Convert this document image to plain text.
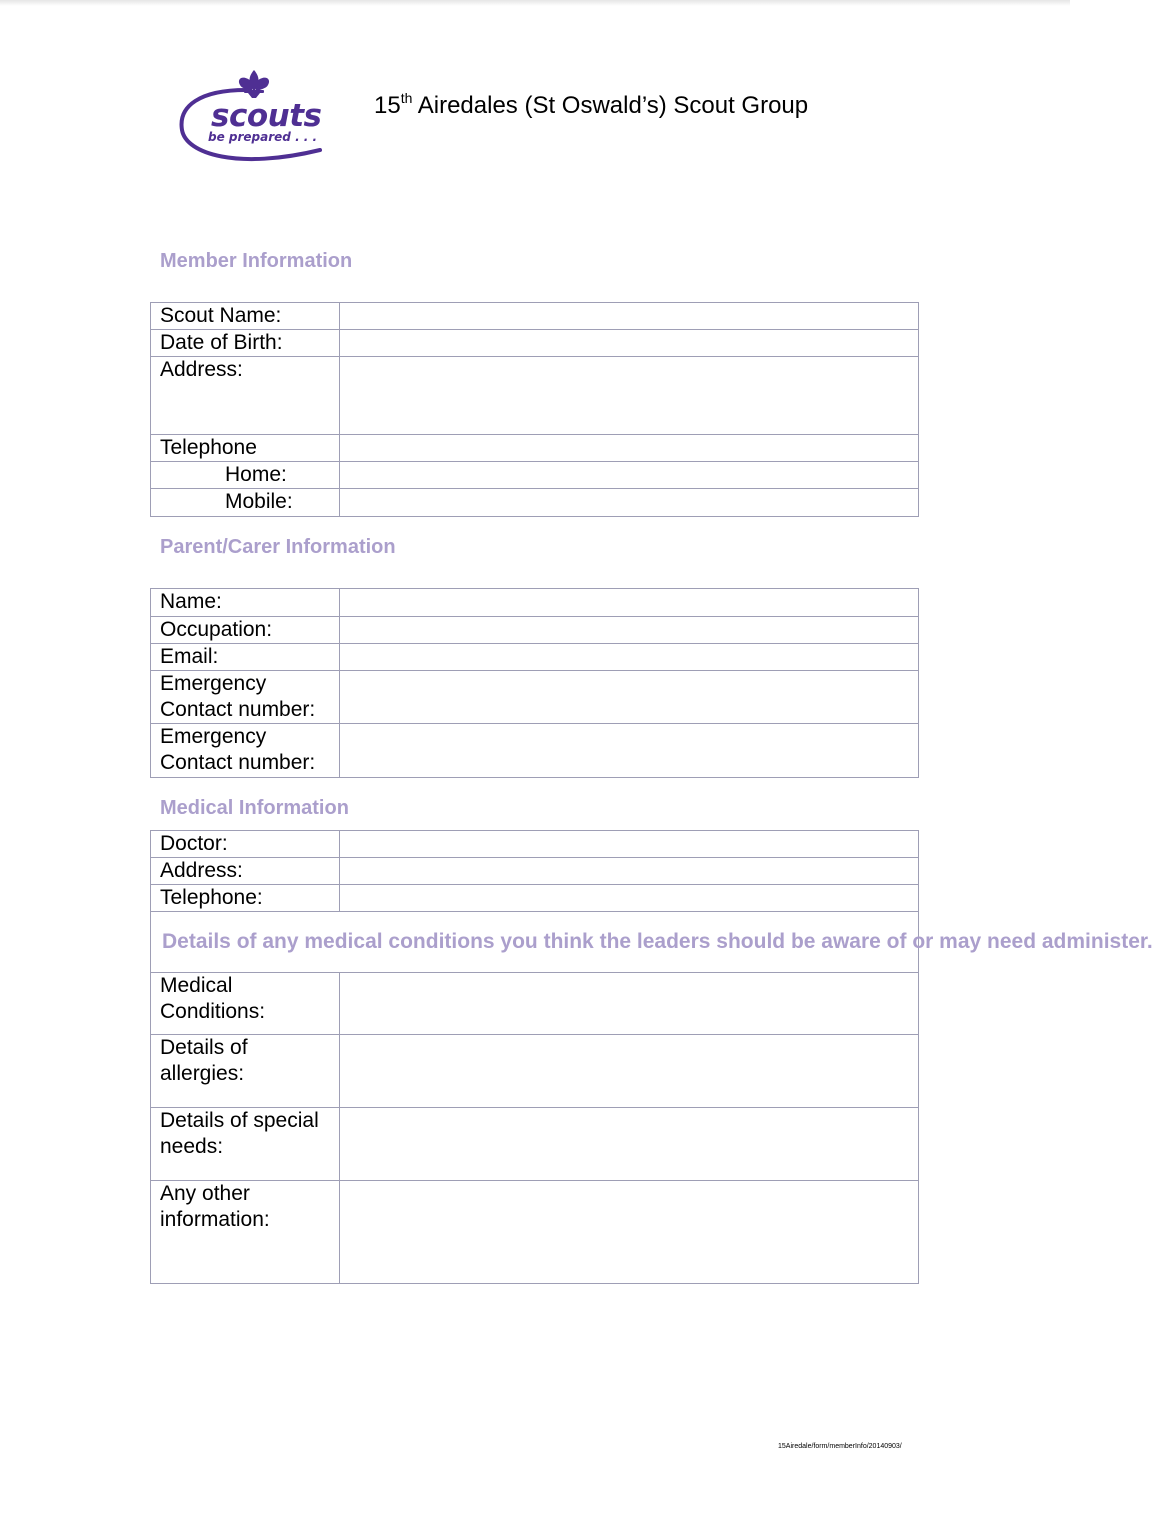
scouts
be prepared . . .
15th Airedales (St Oswald’s) Scout Group
Member Information
Scout Name:	
Date of Birth:	
Address:	
Telephone	
Home:	
Mobile:	
Parent/Carer Information
Name:	
Occupation:	
Email:	

Emergency
Contact number:	

Emergency
Contact number:	

Medical Information
Doctor:	
Address:	
Telephone:	
Details of any medical conditions you think the leaders should be aware of or may need administer.	

Medical
Conditions:	

Details of
allergies:	

Details of special
needs:	

Any other
information:	

15Airedale/form/memberInfo/20140903/
